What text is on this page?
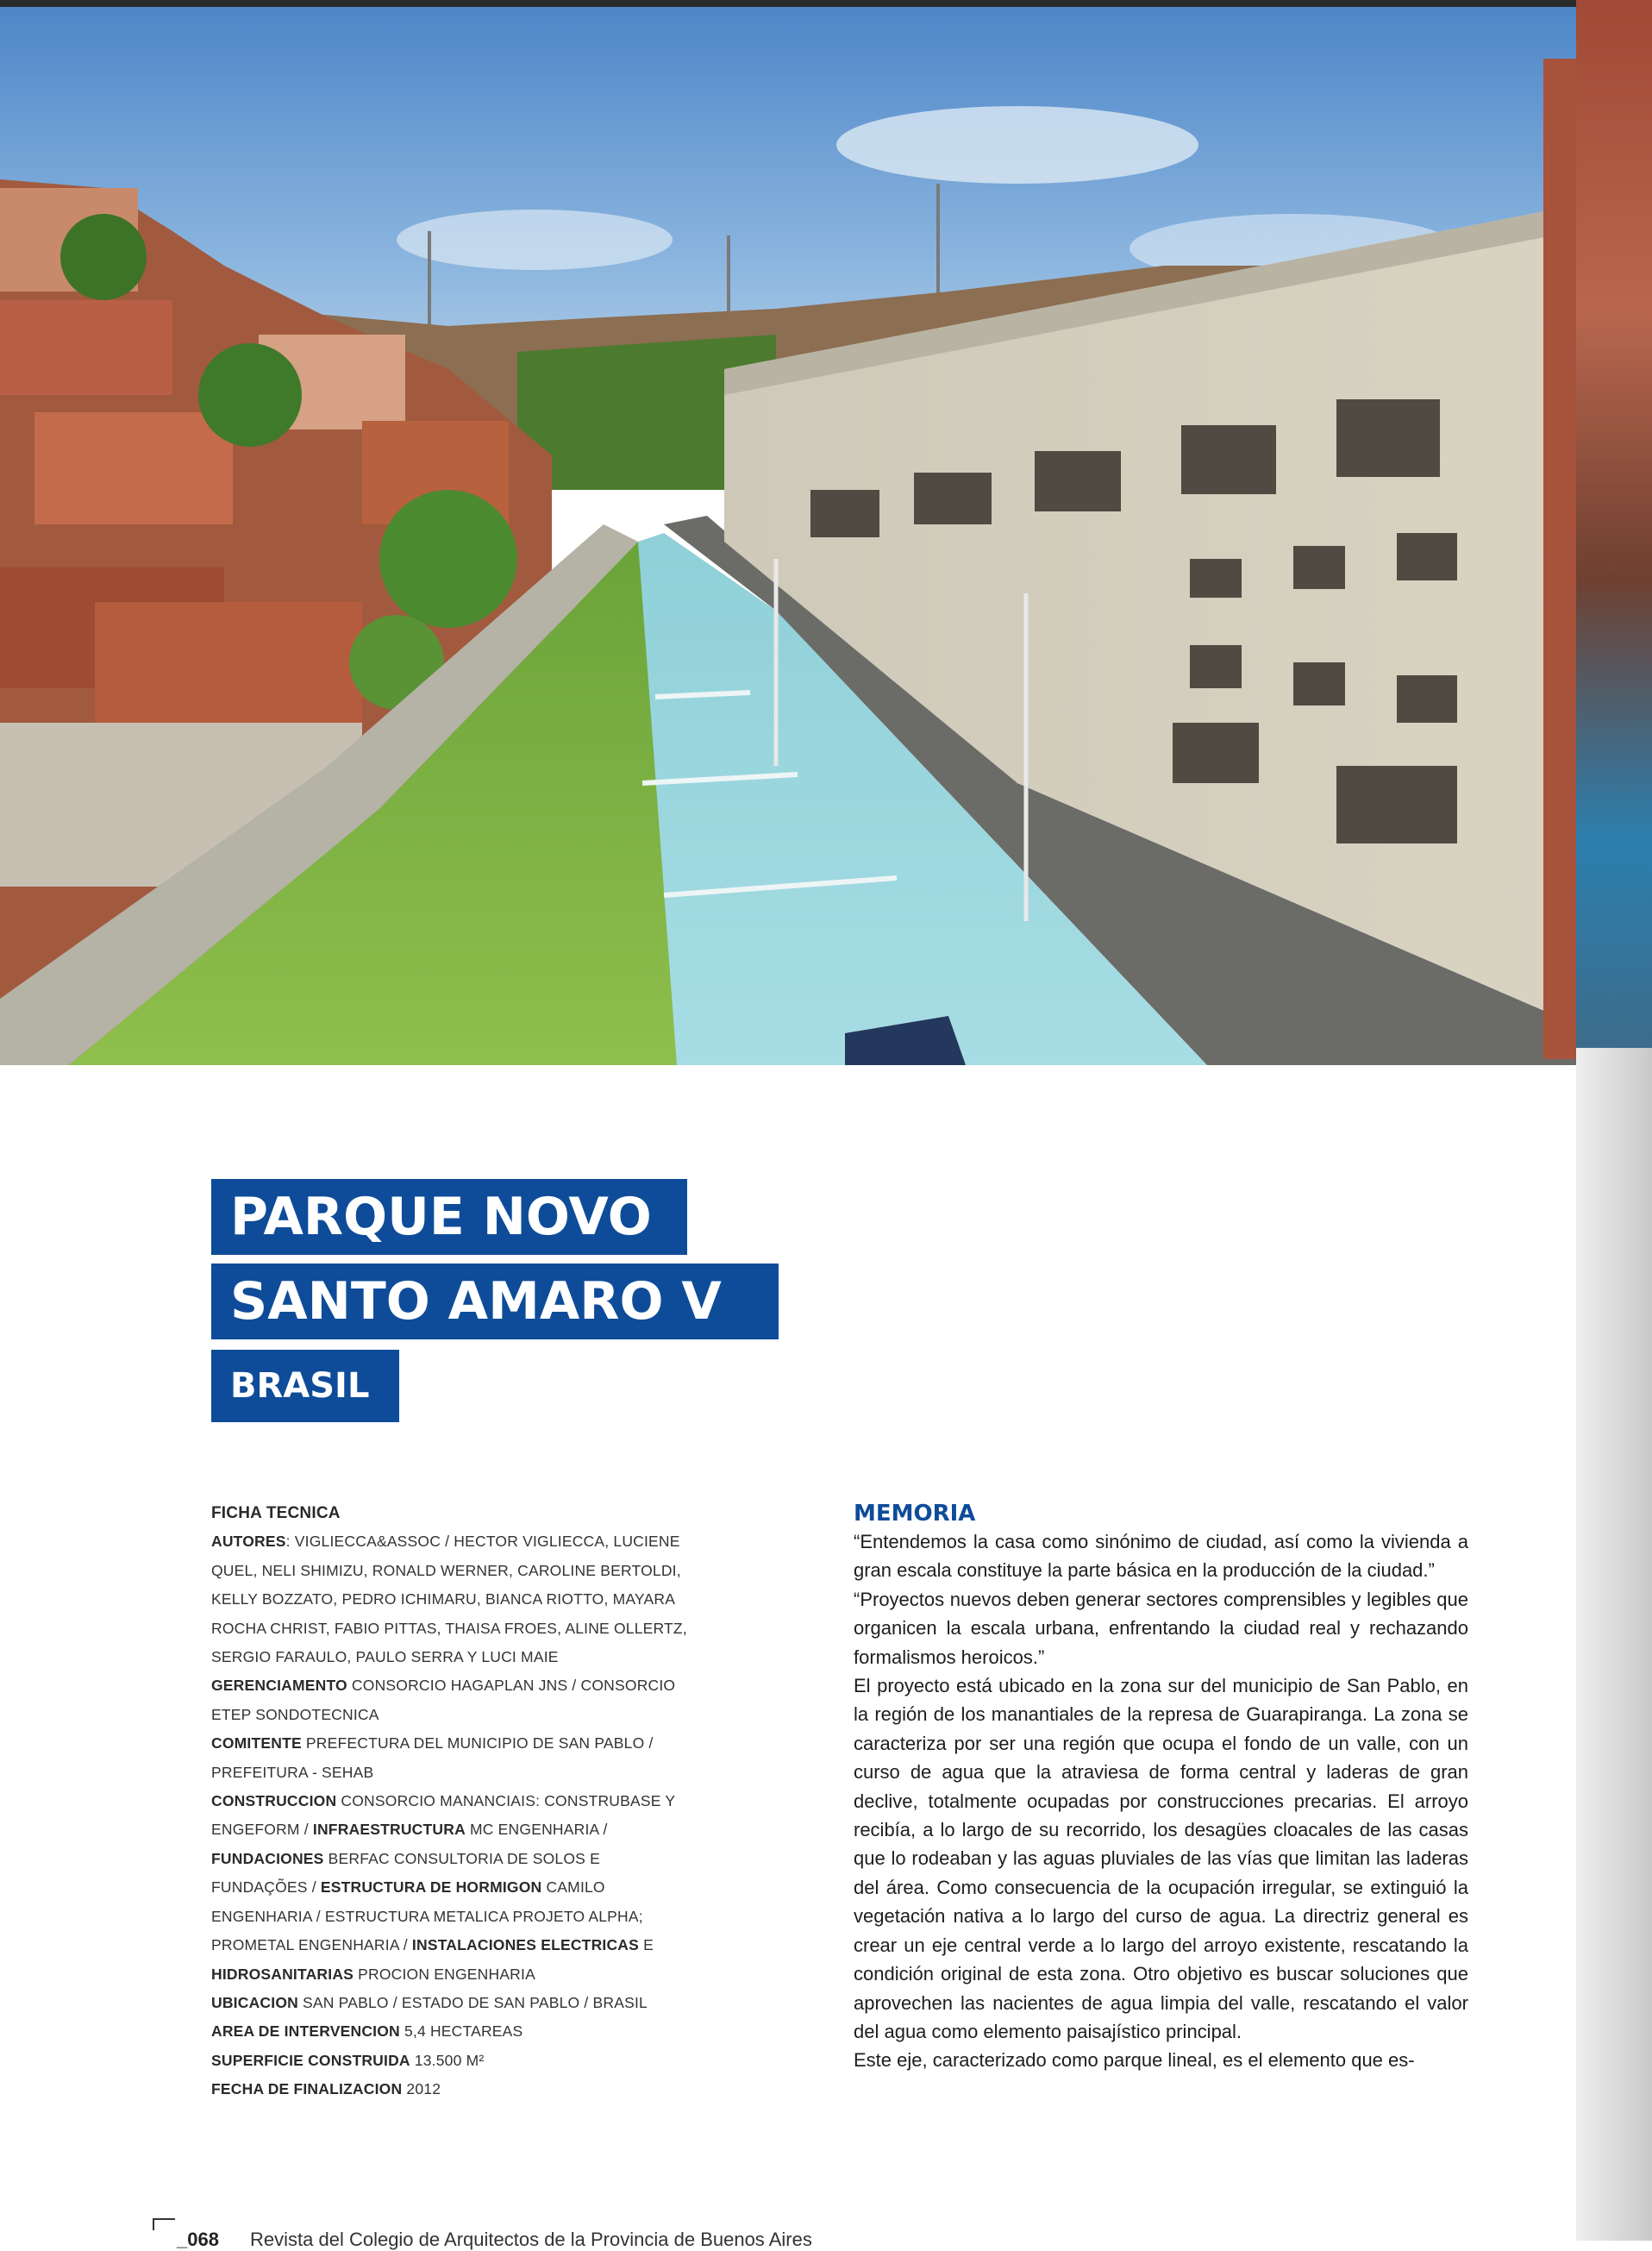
PARQUE NOVO
SANTO AMARO V
BRASIL
FICHA TECNICA
AUTORES: VIGLIECCA&ASSOC / HECTOR VIGLIECCA, LUCIENE QUEL, NELI SHIMIZU, RONALD WERNER, CAROLINE BERTOLDI, KELLY BOZZATO, PEDRO ICHIMARU, BIANCA RIOTTO, MAYARA ROCHA CHRIST, FABIO PITTAS, THAISA FROES, ALINE OLLERTZ, SERGIO FARAULO, PAULO SERRA Y LUCI MAIE
GERENCIAMENTO CONSORCIO HAGAPLAN JNS / CONSORCIO ETEP SONDOTECNICA
COMITENTE PREFECTURA DEL MUNICIPIO DE SAN PABLO / PREFEITURA - SEHAB
CONSTRUCCION CONSORCIO MANANCIAIS: CONSTRUBASE Y ENGEFORM / INFRAESTRUCTURA MC ENGENHARIA / FUNDACIONES BERFAC CONSULTORIA DE SOLOS E FUNDAÇÕES / ESTRUCTURA DE HORMIGON CAMILO ENGENHARIA / ESTRUCTURA METALICA PROJETO ALPHA; PROMETAL ENGENHARIA / INSTALACIONES ELECTRICAS E HIDROSANITARIAS PROCION ENGENHARIA
UBICACION SAN PABLO / ESTADO DE SAN PABLO / BRASIL
AREA DE INTERVENCION 5,4 HECTAREAS
SUPERFICIE CONSTRUIDA 13.500 M²
FECHA DE FINALIZACION 2012
MEMORIA

“Entendemos la casa como sinónimo de ciudad, así como la vivienda a gran escala constituye la parte básica en la producción de la ciudad.”

“Proyectos nuevos deben generar sectores comprensibles y legibles que organicen la escala urbana, enfrentando la ciudad real y rechazando formalismos heroicos.”

El proyecto está ubicado en la zona sur del municipio de San Pablo, en la región de los manantiales de la represa de Guarapiranga. La zona se caracteriza por ser una región que ocupa el fondo de un valle, con un curso de agua que la atraviesa de forma central y laderas de gran declive, totalmente ocupadas por construcciones precarias. El arroyo recibía, a lo largo de su recorrido, los desagües cloacales de las casas que lo rodeaban y las aguas pluviales de las vías que limitan las laderas del área. Como consecuencia de la ocupación irregular, se extinguió la vegetación nativa a lo largo del curso de agua. La directriz general es crear un eje central verde a lo largo del arroyo existente, rescatando la condición original de esta zona. Otro objetivo es buscar soluciones que aprovechen las nacientes de agua limpia del valle, rescatando el valor del agua como elemento paisajístico principal.

Este eje, caracterizado como parque lineal, es el elemento que es-

_068 Revista del Colegio de Arquitectos de la Provincia de Buenos Aires
